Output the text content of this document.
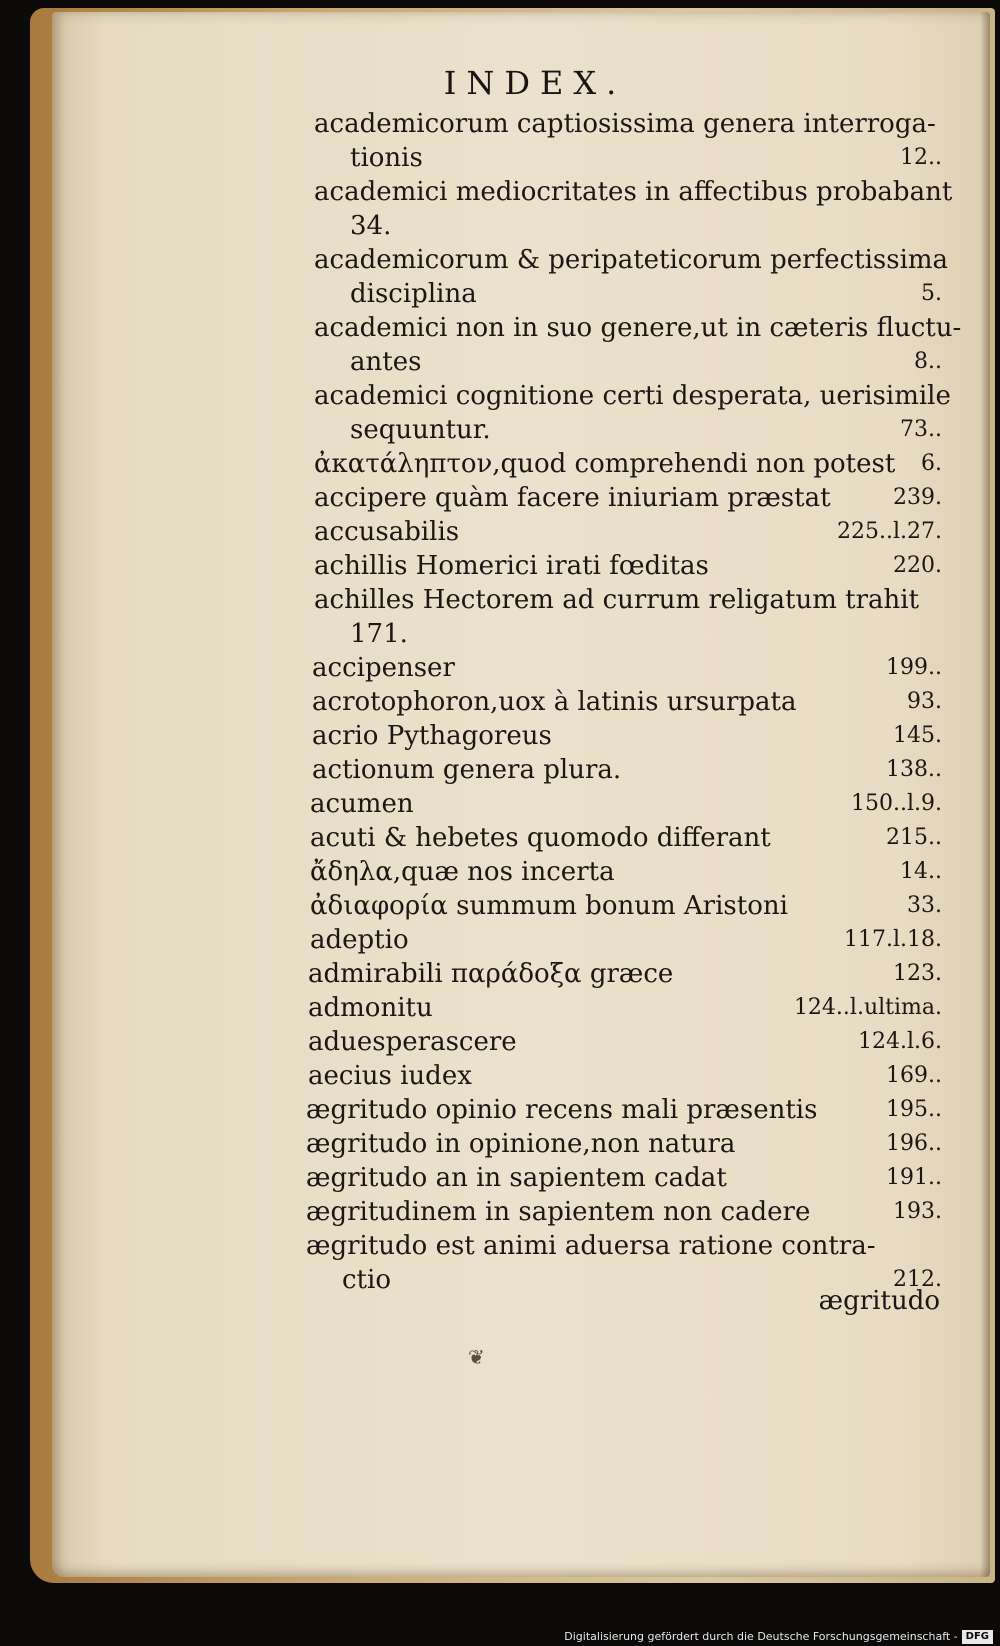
INDEX.
academicorum captiosissima genera interroga-
tionis
academici mediocritates in affectibus probabant
34.
academicorum & peripateticorum perfectissima
disciplina
academici non in suo genere,ut in cæteris fluctu-
antes
academici cognitione certi desperata, uerisimile
sequuntur.
ἀκατάληπτον,quod comprehendi non potest
accipere quàm facere iniuriam præstat
accusabilis
achillis Homerici irati fœditas
achilles Hectorem ad currum religatum trahit
171.
accipenser
acrotophoron,uox à latinis ursurpata
acrio Pythagoreus
actionum genera plura.
acumen
acuti & hebetes quomodo differant
ἄδηλα,quæ nos incerta
ἀδιαφορία summum bonum Aristoni
adeptio
admirabili παράδοξα græce
admonitu
aduesperascere
aecius iudex
ægritudo opinio recens mali præsentis
ægritudo in opinione,non natura
ægritudo an in sapientem cadat
ægritudinem in sapientem non cadere
ægritudo est animi aduersa ratione contra-
ctio
12..
5.
8..
73..
6.
239.
225..l.27.
220.
199..
93.
145.
138..
150..l.9.
215..
14..
33.
117.l.18.
123.
124..l.ultima.
124.l.6.
169..
195..
196..
191..
193.
212.
ægritudo
❦
Digitalisierung gefördert durch die Deutsche Forschungsgemeinschaft - DFG
